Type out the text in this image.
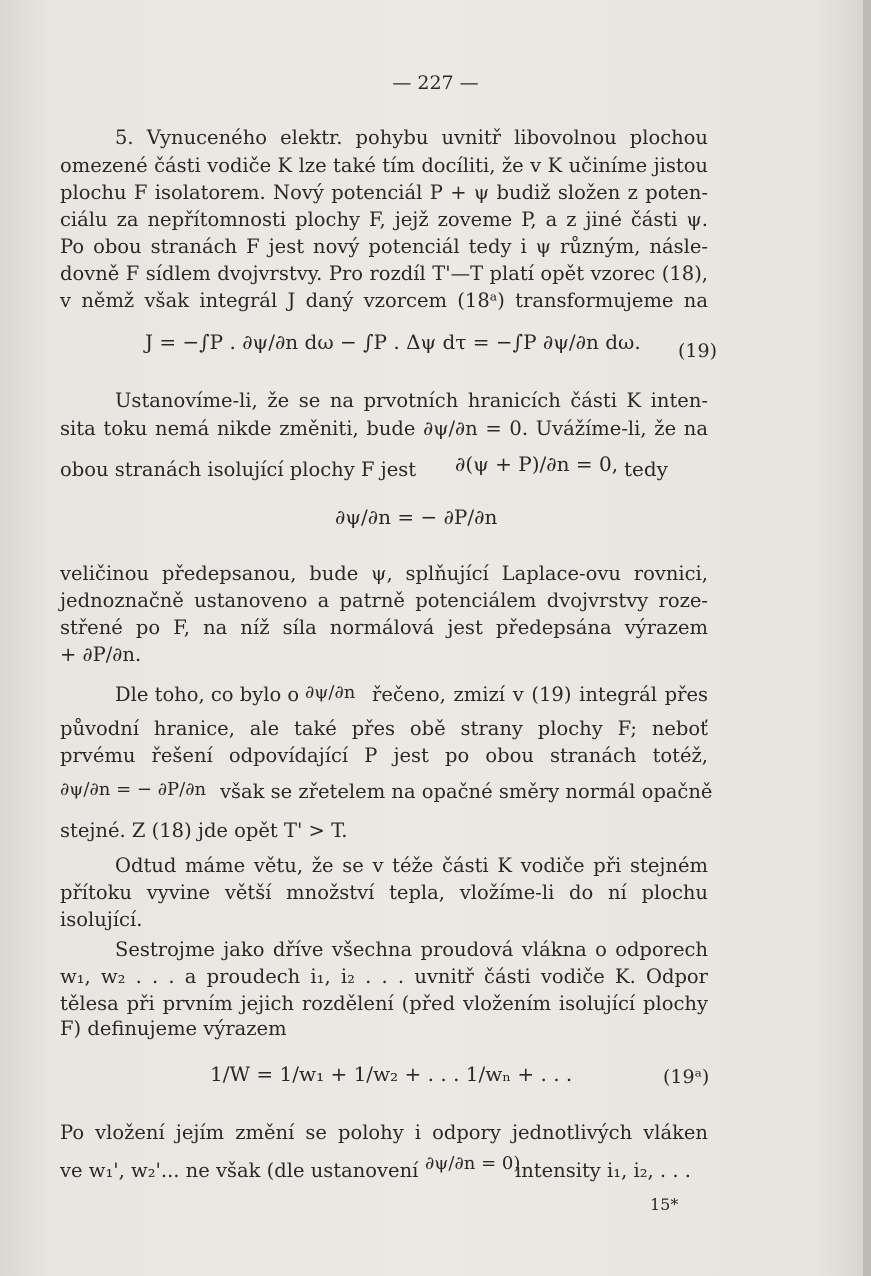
— 227 —
5. Vynuceného elektr. pohybu uvnitř libovolnou plochou
omezené části vodiče K lze také tím docíliti, že v K učiníme jistou
plochu F isolatorem. Nový potenciál P + ψ budiž složen z poten-
ciálu za nepřítomnosti plochy F, jejž zoveme P, a z jiné části ψ.
Po obou stranách F jest nový potenciál tedy i ψ různým, násle-
dovně F sídlem dvojvrstvy. Pro rozdíl T'—T platí opět vzorec (18),
v němž však integrál J daný vzorcem (18ᵃ) transformujeme na
J = −∫P . ∂ψ/∂n dω − ∫P . Δψ dτ = −∫P ∂ψ/∂n dω. (19)
Ustanovíme-li, že se na prvotních hranicích části K inten-
sita toku nemá nikde změniti, bude ∂ψ/∂n = 0. Uvážíme-li, že na
obou stranách isolující plochy F jest	∂(ψ + P)/∂n = 0, tedy
∂ψ/∂n = − ∂P/∂n
veličinou předepsanou, bude ψ, splňující Laplace-ovu rovnici,
jednoznačně ustanoveno a patrně potenciálem dvojvrstvy roze-
střené po F, na níž síla normálová jest předepsána výrazem
+ ∂P/∂n.
Dle toho, co bylo o ∂ψ/∂n řečeno, zmizí v (19) integrál přes
původní hranice, ale také přes obě strany plochy F; neboť
prvému řešení odpovídající P jest po obou stranách totéž,
∂ψ/∂n = − ∂P/∂n však se zřetelem na opačné směry normál opačně
stejné. Z (18) jde opět T' > T.
Odtud máme větu, že se v téže části K vodiče při stejném
přítoku vyvine větší množství tepla, vložíme-li do ní plochu
isolující.
Sestrojme jako dříve všechna proudová vlákna o odporech
w₁, w₂ . . . a proudech i₁, i₂ . . . uvnitř části vodiče K. Odpor
tělesa při prvním jejich rozdělení (před vložením isolující plochy
F) definujeme výrazem
1/W = 1/w₁ + 1/w₂ + . . . 1/wₙ + . . .	(19ᵃ)
Po vložení jejím změní se polohy i odpory jednotlivých vláken
ve w₁', w₂'... ne však (dle ustanovení ∂ψ/∂n = 0)
intensity i₁, i₂, . . .
15*
